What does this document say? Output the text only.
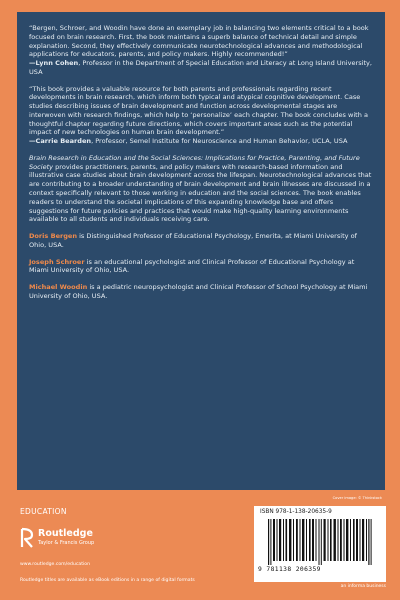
“Bergen, Schroer, and Woodin have done an exemplary job in balancing two elements critical to a book focused on brain research. First, the book maintains a superb balance of technical detail and simple explanation. Second, they effectively communicate neurotechnological advances and methodological applications for educators, parents, and policy makers. Highly recommended!”
—Lynn Cohen, Professor in the Department of Special Education and Literacy at Long Island University, USA

“This book provides a valuable resource for both parents and professionals regarding recent developments in brain research, which inform both typical and atypical cognitive development. Case studies describing issues of brain development and function across developmental stages are interwoven with research findings, which help to ‘personalize’ each chapter. The book concludes with a thoughtful chapter regarding future directions, which covers important areas such as the potential impact of new technologies on human brain development.”
—Carrie Bearden, Professor, Semel Institute for Neuroscience and Human Behavior, UCLA, USA

Brain Research in Education and the Social Sciences: Implications for Practice, Parenting, and Future Society provides practitioners, parents, and policy makers with research-based information and illustrative case studies about brain development across the lifespan. Neurotechnological advances that are contributing to a broader understanding of brain development and brain illnesses are discussed in a context specifically relevant to those working in education and the social sciences. The book enables readers to understand the societal implications of this expanding knowledge base and offers suggestions for future policies and practices that would make high-quality learning environments available to all students and individuals receiving care.

Doris Bergen is Distinguished Professor of Educational Psychology, Emerita, at Miami University of Ohio, USA.

Joseph Schroer is an educational psychologist and Clinical Professor of Educational Psychology at Miami University of Ohio, USA.

Michael Woodin is a pediatric neuropsychologist and Clinical Professor of School Psychology at Miami University of Ohio, USA.

Cover image: © Thinkstock
EDUCATION
Routledge
Taylor & Francis Group
www.routledge.com/education
Routledge titles are available as eBook editions in a range of digital formats
ISBN 978-1-138-20635-9
9 781138 206359
an informa business
